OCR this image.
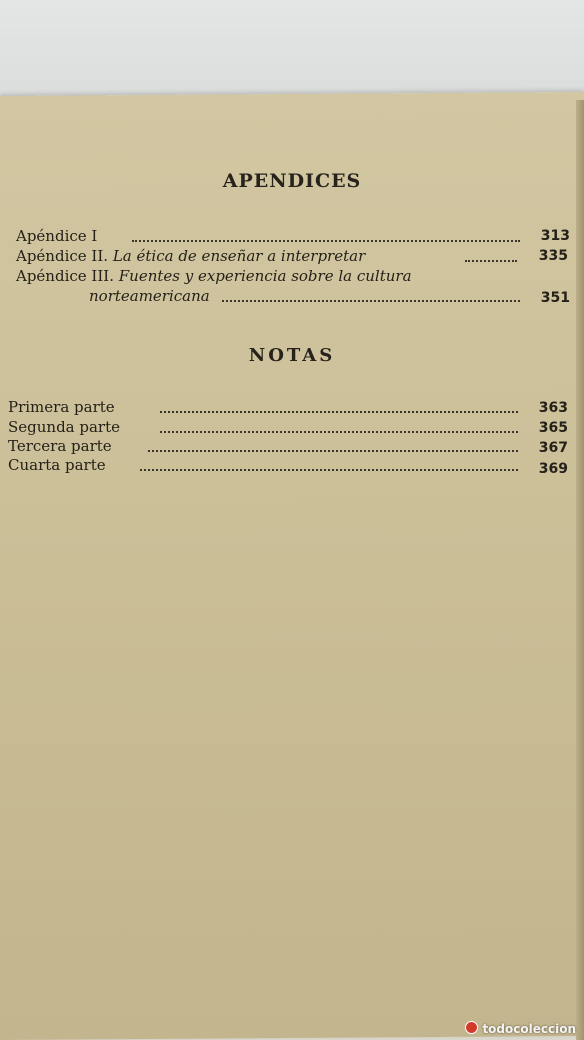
APENDICES
Apéndice I	313
Apéndice II. La ética de enseñar a interpretar	335
Apéndice III. Fuentes y experiencia sobre la cultura
norteamericana	351
NOTAS
Primera parte	363
Segunda parte	365
Tercera parte	367
Cuarta parte	369
todocoleccion
